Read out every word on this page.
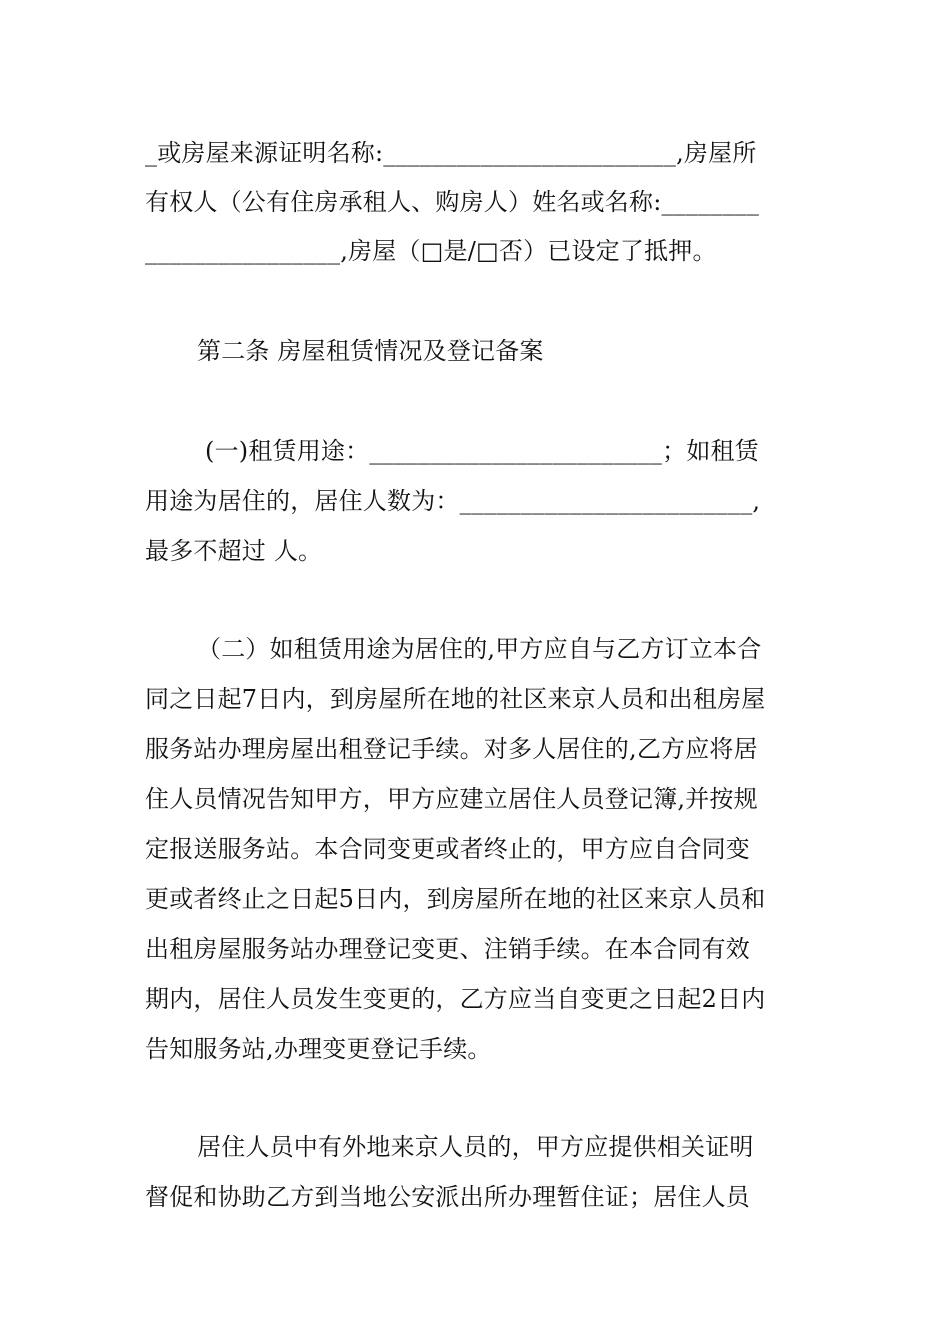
_或房屋来源证明名称:________________________,房屋所
有权人（公有住房承租人、购房人）姓名或名称:________
________________,房屋（□是/□否）已设定了抵押。
第二条 房屋租赁情况及登记备案
(一)租赁用途：________________________；如租赁
用途为居住的，居住人数为：________________________,
最多不超过 人。
（二）如租赁用途为居住的,甲方应自与乙方订立本合
同之日起7日内，到房屋所在地的社区来京人员和出租房屋
服务站办理房屋出租登记手续。对多人居住的,乙方应将居
住人员情况告知甲方，甲方应建立居住人员登记簿,并按规
定报送服务站。本合同变更或者终止的，甲方应自合同变
更或者终止之日起5日内，到房屋所在地的社区来京人员和
出租房屋服务站办理登记变更、注销手续。在本合同有效
期内，居住人员发生变更的，乙方应当自变更之日起2日内
告知服务站,办理变更登记手续。
居住人员中有外地来京人员的，甲方应提供相关证明
督促和协助乙方到当地公安派出所办理暂住证；居住人员
